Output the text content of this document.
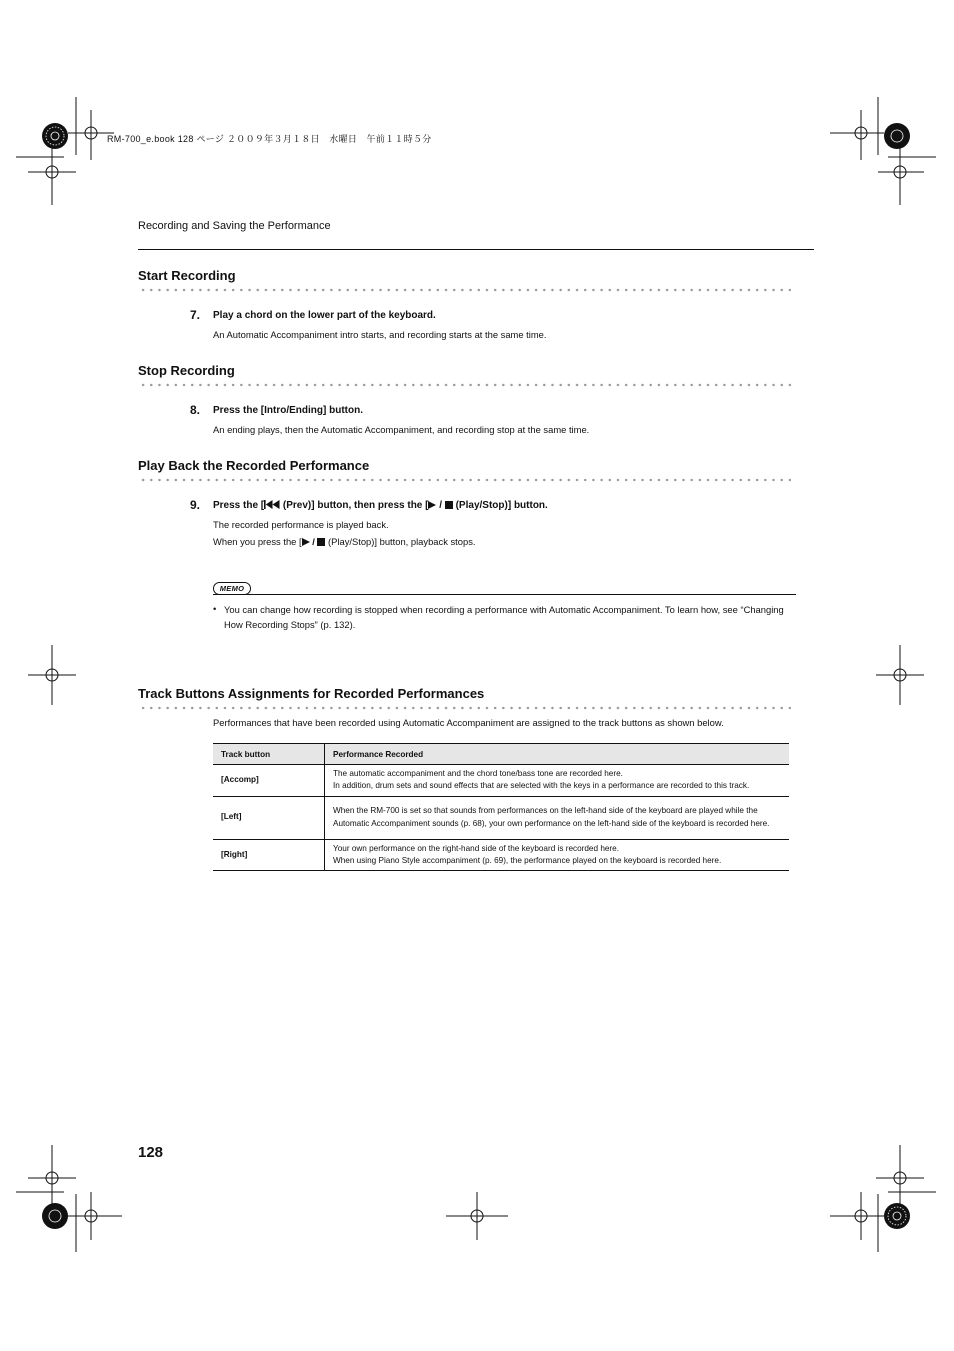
RM-700_e.book 128 ページ ２００９年３月１８日　水曜日　午前１１時５分
Recording and Saving the Performance
Start Recording
7. Play a chord on the lower part of the keyboard.
An Automatic Accompaniment intro starts, and recording starts at the same time.
Stop Recording
8. Press the [Intro/Ending] button.
An ending plays, then the Automatic Accompaniment, and recording stop at the same time.
Play Back the Recorded Performance
9. Press the [ (Prev)] button, then press the [ /  (Play/Stop)] button.
The recorded performance is played back.
When you press the [ /  (Play/Stop)] button, playback stops.
MEMO
• You can change how recording is stopped when recording a performance with Automatic Accompaniment. To learn how, see “Changing How Recording Stops” (p. 132).
Track Buttons Assignments for Recorded Performances
Performances that have been recorded using Automatic Accompaniment are assigned to the track buttons as shown below.
Track button	Performance Recorded
[Accomp]	The automatic accompaniment and the chord tone/bass tone are recorded here.
In addition, drum sets and sound effects that are selected with the keys in a performance are recorded to this track.

[Left]	When the RM-700 is set so that sounds from performances on the left-hand side of the keyboard are played while the Automatic Accompaniment sounds (p. 68), your own performance on the left-hand side of the keyboard is recorded here.

[Right]	Your own performance on the right-hand side of the keyboard is recorded here.
When using Piano Style accompaniment (p. 69), the performance played on the keyboard is recorded here.
128
